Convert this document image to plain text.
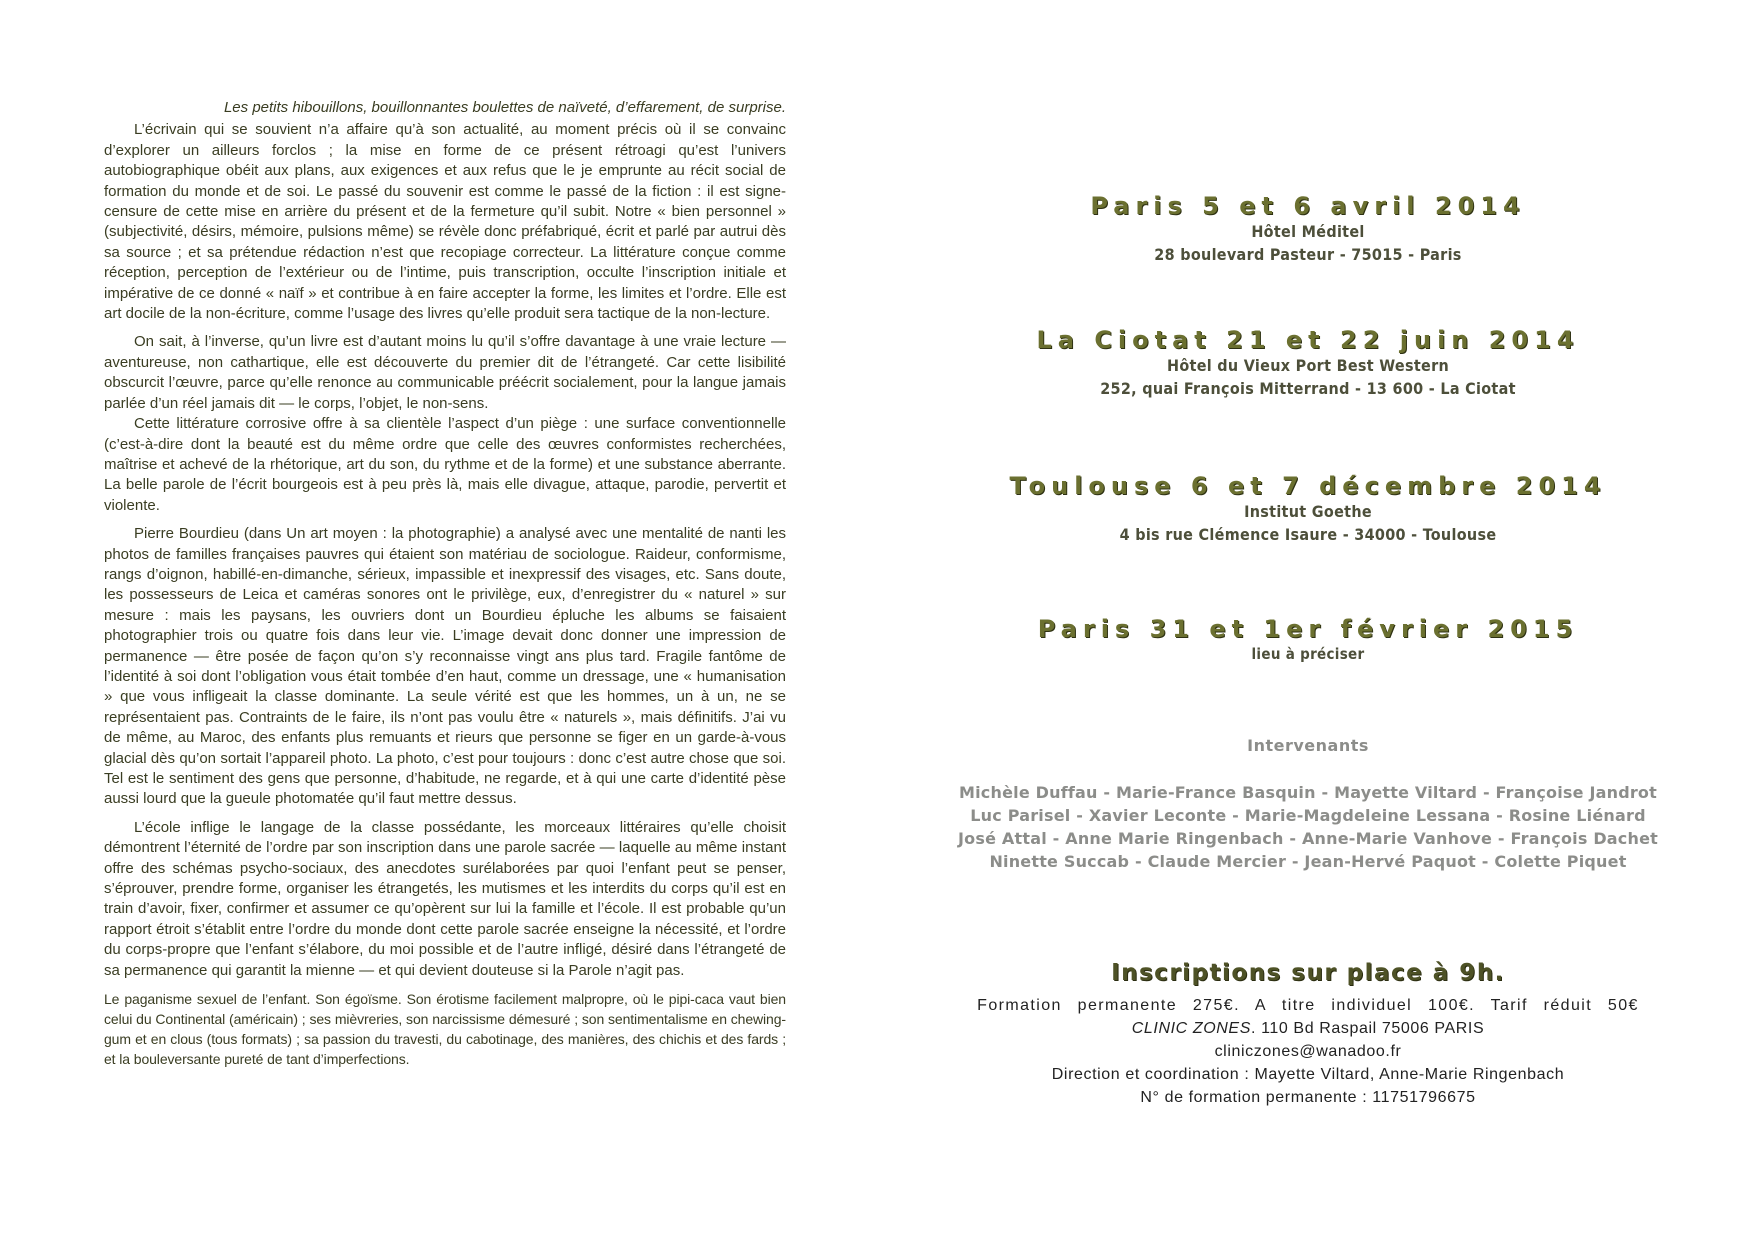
Les petits hibouillons, bouillonnantes boulettes de naïveté, d’effarement, de surprise.

L’écrivain qui se souvient n’a affaire qu’à son actualité, au moment précis où il se convainc d’explorer un ailleurs forclos ; la mise en forme de ce présent rétroagi qu’est l’univers autobiographique obéit aux plans, aux exigences et aux refus que le je emprunte au récit social de formation du monde et de soi. Le passé du souvenir est comme le passé de la fiction : il est signe-censure de cette mise en arrière du présent et de la fermeture qu’il subit. Notre « bien personnel » (subjectivité, désirs, mémoire, pulsions même) se révèle donc préfabriqué, écrit et parlé par autrui dès sa source ; et sa prétendue rédaction n’est que recopiage correcteur. La littérature conçue comme réception, perception de l’extérieur ou de l’intime, puis transcription, occulte l’inscription initiale et impérative de ce donné « naïf » et contribue à en faire accepter la forme, les limites et l’ordre. Elle est art docile de la non-écriture, comme l’usage des livres qu’elle produit sera tactique de la non-lecture.

On sait, à l’inverse, qu’un livre est d’autant moins lu qu’il s’offre davantage à une vraie lecture — aventureuse, non cathartique, elle est découverte du premier dit de l’étrangeté. Car cette lisibilité obscurcit l’œuvre, parce qu’elle renonce au communicable préécrit socialement, pour la langue jamais parlée d’un réel jamais dit — le corps, l’objet, le non-sens.

Cette littérature corrosive offre à sa clientèle l’aspect d’un piège : une surface conventionnelle (c’est-à-dire dont la beauté est du même ordre que celle des œuvres conformistes recherchées, maîtrise et achevé de la rhétorique, art du son, du rythme et de la forme) et une substance aberrante. La belle parole de l’écrit bourgeois est à peu près là, mais elle divague, attaque, parodie, pervertit et violente.

Pierre Bourdieu (dans Un art moyen : la photographie) a analysé avec une mentalité de nanti les photos de familles françaises pauvres qui étaient son matériau de sociologue. Raideur, conformisme, rangs d’oignon, habillé-en-dimanche, sérieux, impassible et inexpressif des visages, etc. Sans doute, les possesseurs de Leica et caméras sonores ont le privilège, eux, d’enregistrer du « naturel » sur mesure : mais les paysans, les ouvriers dont un Bourdieu épluche les albums se faisaient photographier trois ou quatre fois dans leur vie. L’image devait donc donner une impression de permanence — être posée de façon qu’on s’y reconnaisse vingt ans plus tard. Fragile fantôme de l’identité à soi dont l’obligation vous était tombée d’en haut, comme un dressage, une « humanisation » que vous infligeait la classe dominante. La seule vérité est que les hommes, un à un, ne se représentaient pas. Contraints de le faire, ils n’ont pas voulu être « naturels », mais définitifs. J’ai vu de même, au Maroc, des enfants plus remuants et rieurs que personne se figer en un garde-à-vous glacial dès qu’on sortait l’appareil photo. La photo, c’est pour toujours : donc c’est autre chose que soi. Tel est le sentiment des gens que personne, d’habitude, ne regarde, et à qui une carte d’identité pèse aussi lourd que la gueule photomatée qu’il faut mettre dessus.

L’école inflige le langage de la classe possédante, les morceaux littéraires qu’elle choisit démontrent l’éternité de l’ordre par son inscription dans une parole sacrée — laquelle au même instant offre des schémas psycho-sociaux, des anecdotes surélaborées par quoi l’enfant peut se penser, s’éprouver, prendre forme, organiser les étrangetés, les mutismes et les interdits du corps qu’il est en train d’avoir, fixer, confirmer et assumer ce qu’opèrent sur lui la famille et l’école. Il est probable qu’un rapport étroit s’établit entre l’ordre du monde dont cette parole sacrée enseigne la nécessité, et l’ordre du corps-propre que l’enfant s’élabore, du moi possible et de l’autre infligé, désiré dans l’étrangeté de sa permanence qui garantit la mienne — et qui devient douteuse si la Parole n’agit pas.

Le paganisme sexuel de l’enfant. Son égoïsme. Son érotisme facilement malpropre, où le pipi-caca vaut bien celui du Continental (américain) ; ses mièvreries, son narcissisme démesuré ; son sentimentalisme en chewing-gum et en clous (tous formats) ; sa passion du travesti, du cabotinage, des manières, des chichis et des fards ; et la bouleversante pureté de tant d’imperfections.

Paris 5 et 6 avril 2014
Hôtel Méditel
28 boulevard Pasteur - 75015 - Paris
La Ciotat 21 et 22 juin 2014
Hôtel du Vieux Port Best Western
252, quai François Mitterrand - 13 600 - La Ciotat
Toulouse 6 et 7 décembre 2014
Institut Goethe
4 bis rue Clémence Isaure - 34000 - Toulouse
Paris 31 et 1er février 2015
lieu à préciser
Intervenants
Michèle Duffau - Marie-France Basquin - Mayette Viltard - Françoise Jandrot
Luc Parisel - Xavier Leconte - Marie-Magdeleine Lessana - Rosine Liénard
José Attal - Anne Marie Ringenbach - Anne-Marie Vanhove - François Dachet
Ninette Succab - Claude Mercier - Jean-Hervé Paquot - Colette Piquet
Inscriptions sur place à 9h.
Formation permanente 275€. A titre individuel 100€. Tarif réduit 50€
CLINIC ZONES. 110 Bd Raspail 75006 PARIS
cliniczones@wanadoo.fr
Direction et coordination : Mayette Viltard, Anne-Marie Ringenbach
N° de formation permanente : 11751796675
